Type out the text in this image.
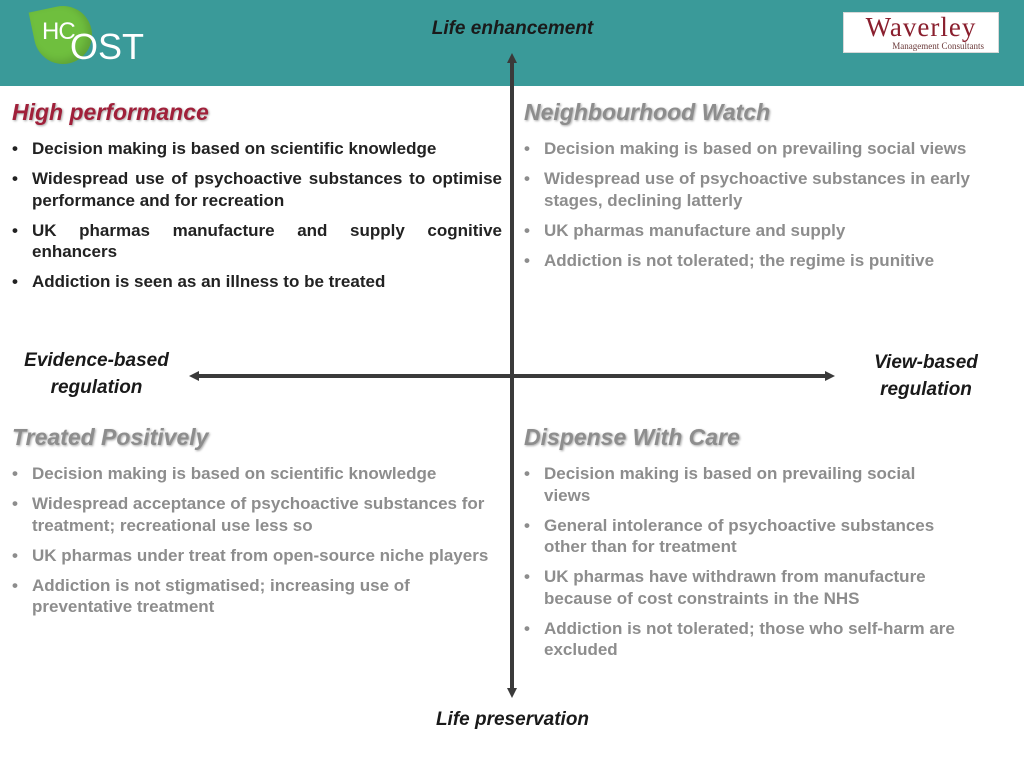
OST
HC	Waverley
Management Consultants
Life enhancement
Life preservation
Evidence-based regulation
View-based regulation
High performance
• Decision making is based on scientific knowledge
• Widespread use of psychoactive substances to optimise performance and for recreation
• UK pharmas manufacture and supply cognitive enhancers
• Addiction is seen as an illness to be treated
Neighbourhood Watch
• Decision making is based on prevailing social views
• Widespread use of psychoactive substances in early stages, declining latterly
• UK pharmas manufacture and supply
• Addiction is not tolerated; the regime is punitive
Treated Positively
• Decision making is based on scientific knowledge
• Widespread acceptance of psychoactive substances for treatment; recreational use less so
• UK pharmas under treat from open-source niche players
• Addiction is not stigmatised; increasing use of preventative treatment
Dispense With Care
• Decision making is based on prevailing social views
• General intolerance of psychoactive substances other than for treatment
• UK pharmas have withdrawn from manufacture because of cost constraints in the NHS
• Addiction is not tolerated; those who self-harm are excluded
